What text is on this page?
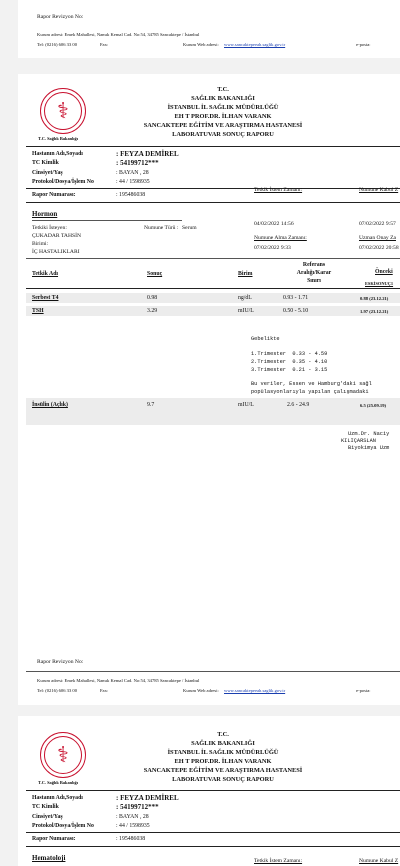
Rapor Revizyon No:
Kurum adresi: Emek Mahallesi, Namık Kemal Cad. No:54, 34785 Sancaktepe / İstanbul
Tel: (0216) 606 33 00	Fax:	Kurum Web adresi: www.sancaktepeeah.saglik.gov.tr	e-posta:
⚕
T.C. Sağlık Bakanlığı
T.C.
SAĞLIK BAKANLIĞI
İSTANBUL İL SAĞLIK MÜDÜRLÜĞÜ
EH T PROF.DR. İLHAN VARANK
SANCAKTEPE EĞİTİM VE ARAŞTIRMA HASTANESİ
LABORATUVAR SONUÇ RAPORU
Hastanın Adı,Soyadı	: FEYZA DEMİREL
TC Kimlik	: 54199712***
Cinsiyet/Yaş	: BAYAN , 28
Protokol/Dosya/İşlem No	: 44 / 1598935
Rapor Numarası:	: 195486038
Hormon
Tetkik İstem Zamanı:	Numune Kabul Z
Tetkiki İsteyen:
ÇUKADAR TAHSİN
Birimi:
İÇ HASTALIKLARI
Numune Türü : Serum
04/02/2022 14:56	07/02/2022 9:57
Numune Alma Zamanı:	Uzman Onay Za
07/02/2022 9:33	07/02/2022 20:58
Tetkik Adı	Sonuç	Birim
Referans
Aralığı/Karar
Sınırı
Önceki
ESKİSONUÇ1
Serbest T4	0.98	ng/dL	0.93 - 1.71	0.88 (23.12.21)
TSH	3.29	mIU/L	0.50 - 5.10	1.97 (23.12.21)
Gebelikte
1.Trimester  0.33 - 4.59
2.Trimester  0.35 - 4.10
3.Trimester  0.21 - 3.15
Bu veriler, Essen ve Hamburg'daki sağl
popülasyonlarıyla yapılan çalışmadaki
İnsülin (Açlık)	9.7	mIU/L	2.6 - 24.9	6.5 (25.09.19)
Uzm.Dr. Naciy
KILIÇARSLAN
Biyokimya Uzm
Rapor Revizyon No:
Kurum adresi: Emek Mahallesi, Namık Kemal Cad. No:54, 34785 Sancaktepe / İstanbul
Tel: (0216) 606 33 00	Fax:	Kurum Web adresi: www.sancaktepeeah.saglik.gov.tr	e-posta:
⚕
T.C. Sağlık Bakanlığı
T.C.
SAĞLIK BAKANLIĞI
İSTANBUL İL SAĞLIK MÜDÜRLÜĞÜ
EH T PROF.DR. İLHAN VARANK
SANCAKTEPE EĞİTİM VE ARAŞTIRMA HASTANESİ
LABORATUVAR SONUÇ RAPORU
Hastanın Adı,Soyadı	: FEYZA DEMİREL
TC Kimlik	: 54199712***
Cinsiyet/Yaş	: BAYAN , 28
Protokol/Dosya/İşlem No	: 44 / 1598935
Rapor Numarası:	: 195486038
Hematoloji	Tetkik İstem Zamanı:	Numune Kabul Z
